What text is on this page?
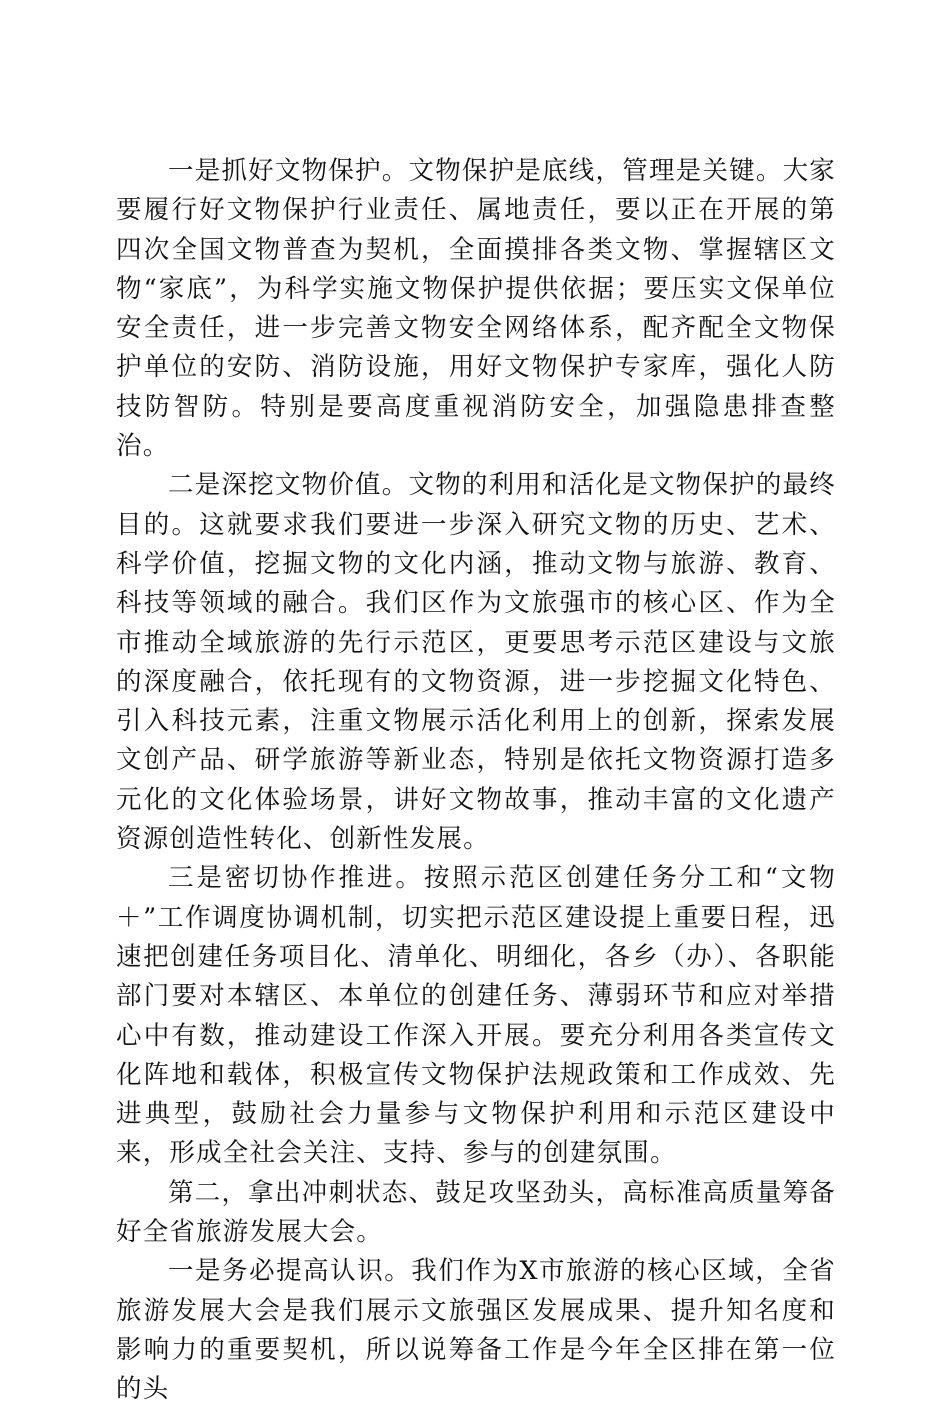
一是抓好文物保护。文物保护是底线，管理是关键。大家要履行好文物保护行业责任、属地责任，要以正在开展的第四次全国文物普查为契机，全面摸排各类文物、掌握辖区文物“家底”，为科学实施文物保护提供依据；要压实文保单位安全责任，进一步完善文物安全网络体系，配齐配全文物保护单位的安防、消防设施，用好文物保护专家库，强化人防技防智防。特别是要高度重视消防安全，加强隐患排查整治。

二是深挖文物价值。文物的利用和活化是文物保护的最终目的。这就要求我们要进一步深入研究文物的历史、艺术、科学价值，挖掘文物的文化内涵，推动文物与旅游、教育、科技等领域的融合。我们区作为文旅强市的核心区、作为全市推动全域旅游的先行示范区，更要思考示范区建设与文旅的深度融合，依托现有的文物资源，进一步挖掘文化特色、引入科技元素，注重文物展示活化利用上的创新，探索发展文创产品、研学旅游等新业态，特别是依托文物资源打造多元化的文化体验场景，讲好文物故事，推动丰富的文化遗产资源创造性转化、创新性发展。

三是密切协作推进。按照示范区创建任务分工和“文物＋”工作调度协调机制，切实把示范区建设提上重要日程，迅速把创建任务项目化、清单化、明细化，各乡（办）、各职能部门要对本辖区、本单位的创建任务、薄弱环节和应对举措心中有数，推动建设工作深入开展。要充分利用各类宣传文化阵地和载体，积极宣传文物保护法规政策和工作成效、先进典型，鼓励社会力量参与文物保护利用和示范区建设中来，形成全社会关注、支持、参与的创建氛围。

第二，拿出冲刺状态、鼓足攻坚劲头，高标准高质量筹备好全省旅游发展大会。

一是务必提高认识。我们作为X市旅游的核心区域，全省旅游发展大会是我们展示文旅强区发展成果、提升知名度和影响力的重要契机，所以说筹备工作是今年全区排在第一位的头
